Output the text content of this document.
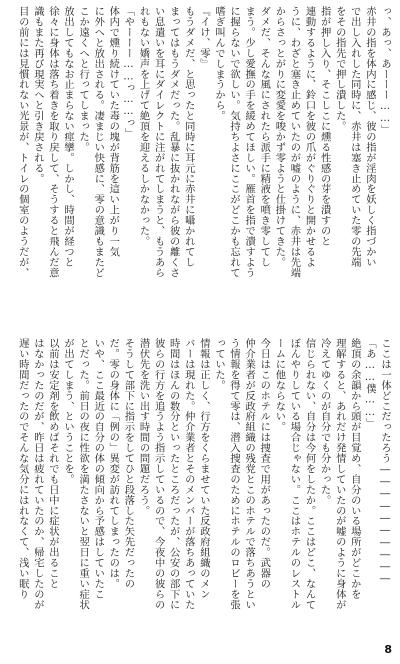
っ、あっ、あーーー……」

赤井の指を体内に感じ、彼の指が淫肉を妖しく指づかい

で出し入れした同時に、赤井は塞き止めていた零の先端

をその指先で押し潰した。

指が押し入り、そこしこに燻る性感の芽を潰すのと

連動するように、鈴口を彼の爪がぐりぐりと開かせるよ

うに、わざと塞き止めていたのが嘘のように、赤井は先端

からさっとがりに変愛を唆かず零ようと仕掛けてきた。

ダメだ、そんな風にされたら派手に精液を噴き零してし

まう。少し愛撫の手を緩めてほしい。雁首を指で潰すよう

に握らないで欲しい。気持ちよさにここがどこかも忘れて

嗜ぎ叫んでしまうから。

『イけ、零』

もうダメだ、と思ったと同時に耳元に赤井に囁かれてし

まってはもうダメだった。乱暴に抜かれながら彼の離くさ

い息遣いを耳にダイレクトに注がれてしまうと、もうあら

れもない嬌声を上げて絶頂を迎えるしかなかった。

「やーーー……っ……っ」

体内で燻り続けていた毒の塊が背筋を這い上がり一気

に外へと放出される。凄まじい快感に、零の意識もまたど

こか遠くへと行ってしまった。

放出してもなお止まらない痙攣。しかし、時間が経つと

徐々に身体は落ち着きを取り戻して、そうすると飛んだ意

識もまた再び現実へと引き戻される。

目の前には見慣れない光景が、トイレの個室のようだが、

ここは一体どこだったろう――――――――――

「あ……僕……」

絶頂の余韻から頭が目覚め、自分のいる場所がどこかを

理解すると、あれだけ発情していたのが嘘のように身体が

冷えてゆくのが自分でも分かった。

信じられない、自分は今何をしたか。ここはどこ、なんて

ぼんやりしている場合じゃない。ここはホテルのレストル

ームに他ならない。

今日はこのホテルには捜査で用があったのだ。武器の

仲介業者が反政府組織の残党とこのホテルで落ちあうとい

う情報を得て零は、潜入捜査のためにホテルのロビーを張

っていた。

情報は正しく、行方をくらませていた反政府組織のメン

バーは現れた。仲介業者とそのメンバーが落ちあっていた

時間はほんの数分といったところだったが、公安の部下に

彼らの行方を追うよう指示しているので、今夜中の彼らの

潜伏先を洗い出す時間の問題だろう。

そうして部下に指示をしてひと段落した矢先だったの

だ。零の身体に「例の」異変が訪れてしまったのは。

いや、ここ最近の自分の体の傾向から予感はしていたこ

とだった。前日の夜に性欲を満たさないと翌日に重い症状

が出てしまう、ということを。

以前は安定剤を飲めばそれでも日中に症状が出ること

はなかったのだが、昨日は疲れていたのか、帰宅したのが

遅い時間だったのでそんな気分にはれなくて、浅い眠り

8
